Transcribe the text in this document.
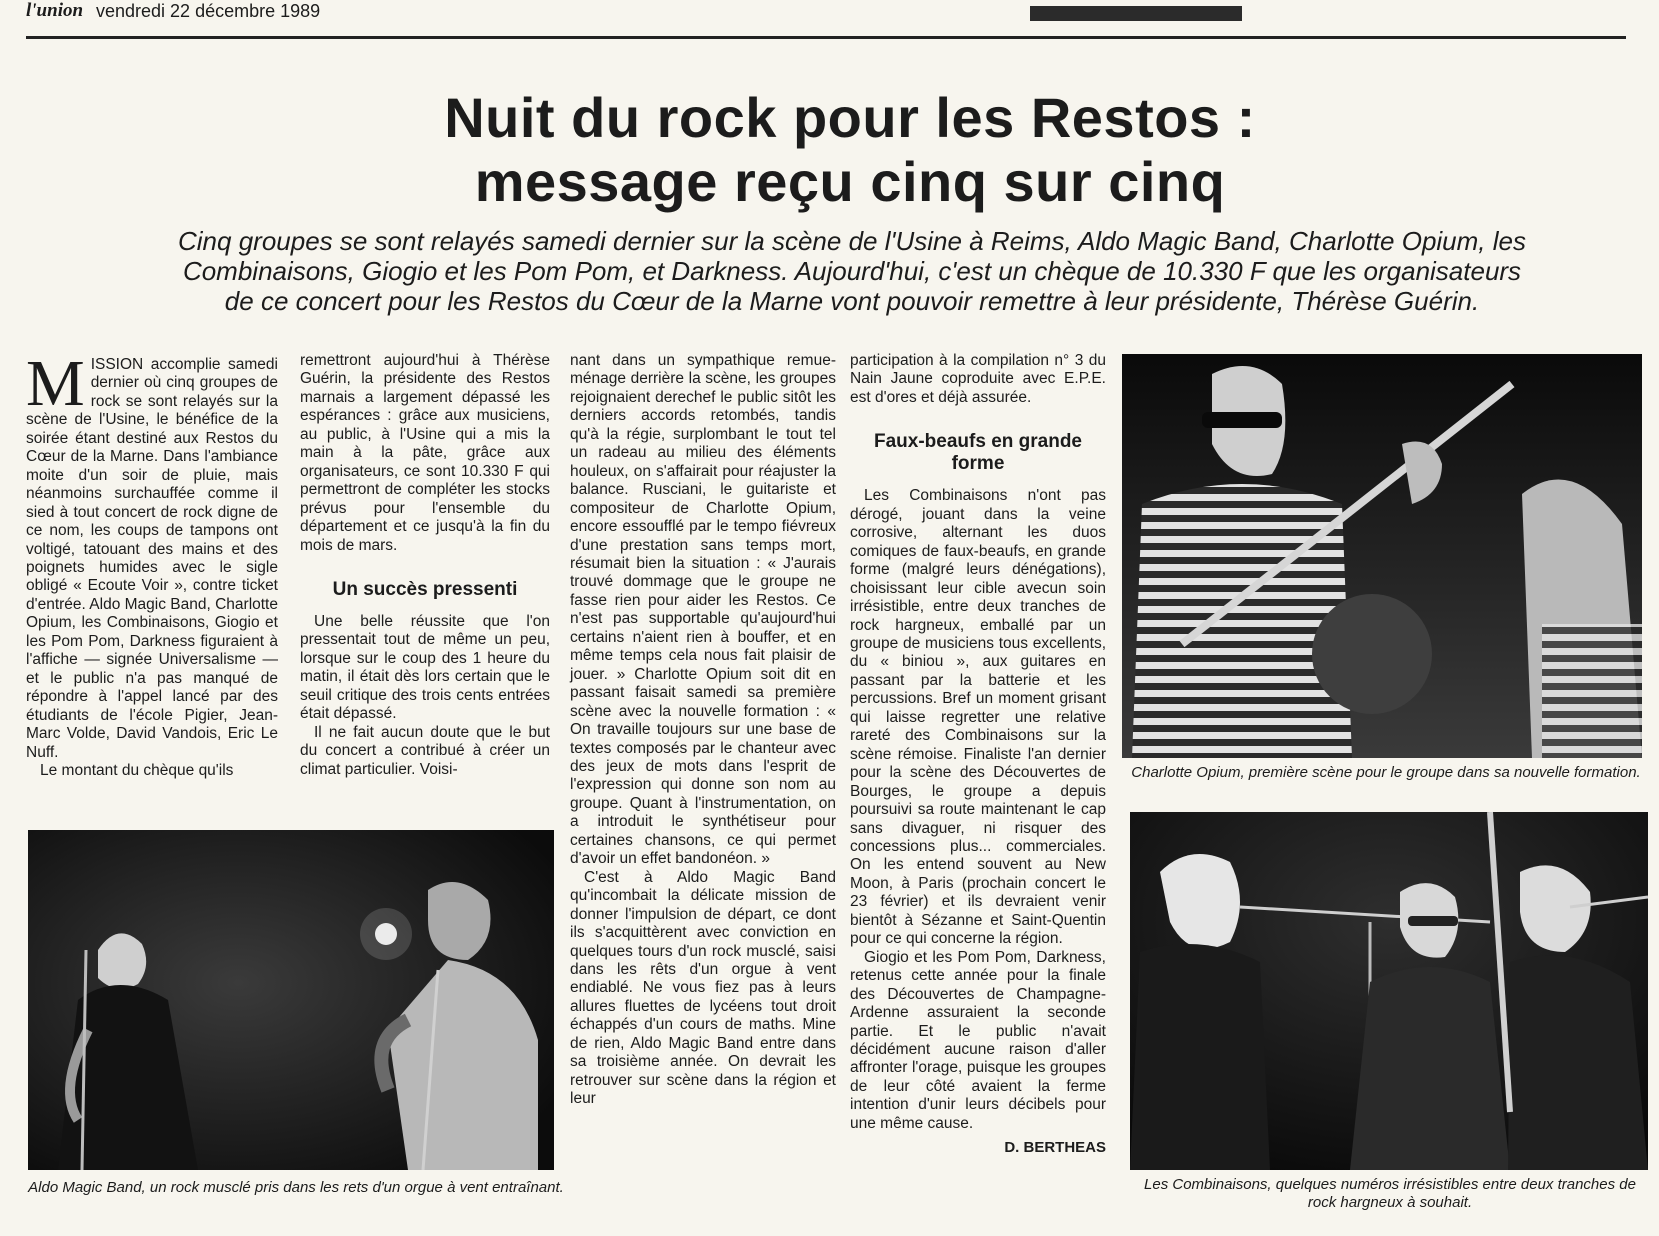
l'union vendredi 22 décembre 1989
Nuit du rock pour les Restos :
message reçu cinq sur cinq
Cinq groupes se sont relayés samedi dernier sur la scène de l'Usine à Reims, Aldo Magic Band, Charlotte Opium, les Combinaisons, Giogio et les Pom Pom, et Darkness. Aujourd'hui, c'est un chèque de 10.330 F que les organisateurs de ce concert pour les Restos du Cœur de la Marne vont pouvoir remettre à leur présidente, Thérèse Guérin.

MISSION accomplie samedi dernier où cinq groupes de rock se sont relayés sur la scène de l'Usine, le bénéfice de la soirée étant destiné aux Restos du Cœur de la Marne. Dans l'ambiance moite d'un soir de pluie, mais néanmoins surchauffée comme il sied à tout concert de rock digne de ce nom, les coups de tampons ont voltigé, tatouant des mains et des poignets humides avec le sigle obligé « Ecoute Voir », contre ticket d'entrée. Aldo Magic Band, Charlotte Opium, les Combinaisons, Giogio et les Pom Pom, Darkness figuraient à l'affiche — signée Universalisme — et le public n'a pas manqué de répondre à l'appel lancé par des étudiants de l'école Pigier, Jean-Marc Volde, David Vandois, Eric Le Nuff.

Le montant du chèque qu'ils

remettront aujourd'hui à Thérèse Guérin, la présidente des Restos marnais a largement dépassé les espérances : grâce aux musiciens, au public, à l'Usine qui a mis la main à la pâte, grâce aux organisateurs, ce sont 10.330 F qui permettront de compléter les stocks prévus pour l'ensemble du département et ce jusqu'à la fin du mois de mars.

Un succès pressenti

Une belle réussite que l'on pressentait tout de même un peu, lorsque sur le coup des 1 heure du matin, il était dès lors certain que le seuil critique des trois cents entrées était dépassé.

Il ne fait aucun doute que le but du concert a contribué à créer un climat particulier. Voisi-

nant dans un sympathique remue-ménage derrière la scène, les groupes rejoignaient derechef le public sitôt les derniers accords retombés, tandis qu'à la régie, surplombant le tout tel un radeau au milieu des éléments houleux, on s'affairait pour réajuster la balance. Rusciani, le guitariste et compositeur de Charlotte Opium, encore essoufflé par le tempo fiévreux d'une prestation sans temps mort, résumait bien la situation : « J'aurais trouvé dommage que le groupe ne fasse rien pour aider les Restos. Ce n'est pas supportable qu'aujourd'hui certains n'aient rien à bouffer, et en même temps cela nous fait plaisir de jouer. » Charlotte Opium soit dit en passant faisait samedi sa première scène avec la nouvelle formation : « On travaille toujours sur une base de textes composés par le chanteur avec des jeux de mots dans l'esprit de l'expression qui donne son nom au groupe. Quant à l'instrumentation, on a introduit le synthétiseur pour certaines chansons, ce qui permet d'avoir un effet bandonéon. »

C'est à Aldo Magic Band qu'incombait la délicate mission de donner l'impulsion de départ, ce dont ils s'acquittèrent avec conviction en quelques tours d'un rock musclé, saisi dans les rêts d'un orgue à vent endiablé. Ne vous fiez pas à leurs allures fluettes de lycéens tout droit échappés d'un cours de maths. Mine de rien, Aldo Magic Band entre dans sa troisième année. On devrait les retrouver sur scène dans la région et leur

participation à la compilation n° 3 du Nain Jaune coproduite avec E.P.E. est d'ores et déjà assurée.

Faux-beaufs en grande forme

Les Combinaisons n'ont pas dérogé, jouant dans la veine corrosive, alternant les duos comiques de faux-beaufs, en grande forme (malgré leurs dénégations), choisissant leur cible avecun soin irrésistible, entre deux tranches de rock hargneux, emballé par un groupe de musiciens tous excellents, du « biniou », aux guitares en passant par la batterie et les percussions. Bref un moment grisant qui laisse regretter une relative rareté des Combinaisons sur la scène rémoise. Finaliste l'an dernier pour la scène des Découvertes de Bourges, le groupe a depuis poursuivi sa route maintenant le cap sans divaguer, ni risquer des concessions plus... commerciales. On les entend souvent au New Moon, à Paris (prochain concert le 23 février) et ils devraient venir bientôt à Sézanne et Saint-Quentin pour ce qui concerne la région.

Giogio et les Pom Pom, Darkness, retenus cette année pour la finale des Découvertes de Champagne-Ardenne assuraient la seconde partie. Et le public n'avait décidément aucune raison d'aller affronter l'orage, puisque les groupes de leur côté avaient la ferme intention d'unir leurs décibels pour une même cause.

D. BERTHEAS
Aldo Magic Band, un rock musclé pris dans les rets d'un orgue à vent entraînant.
Charlotte Opium, première scène pour le groupe dans sa nouvelle formation.
Les Combinaisons, quelques numéros irrésistibles entre deux tranches de rock hargneux à souhait.
